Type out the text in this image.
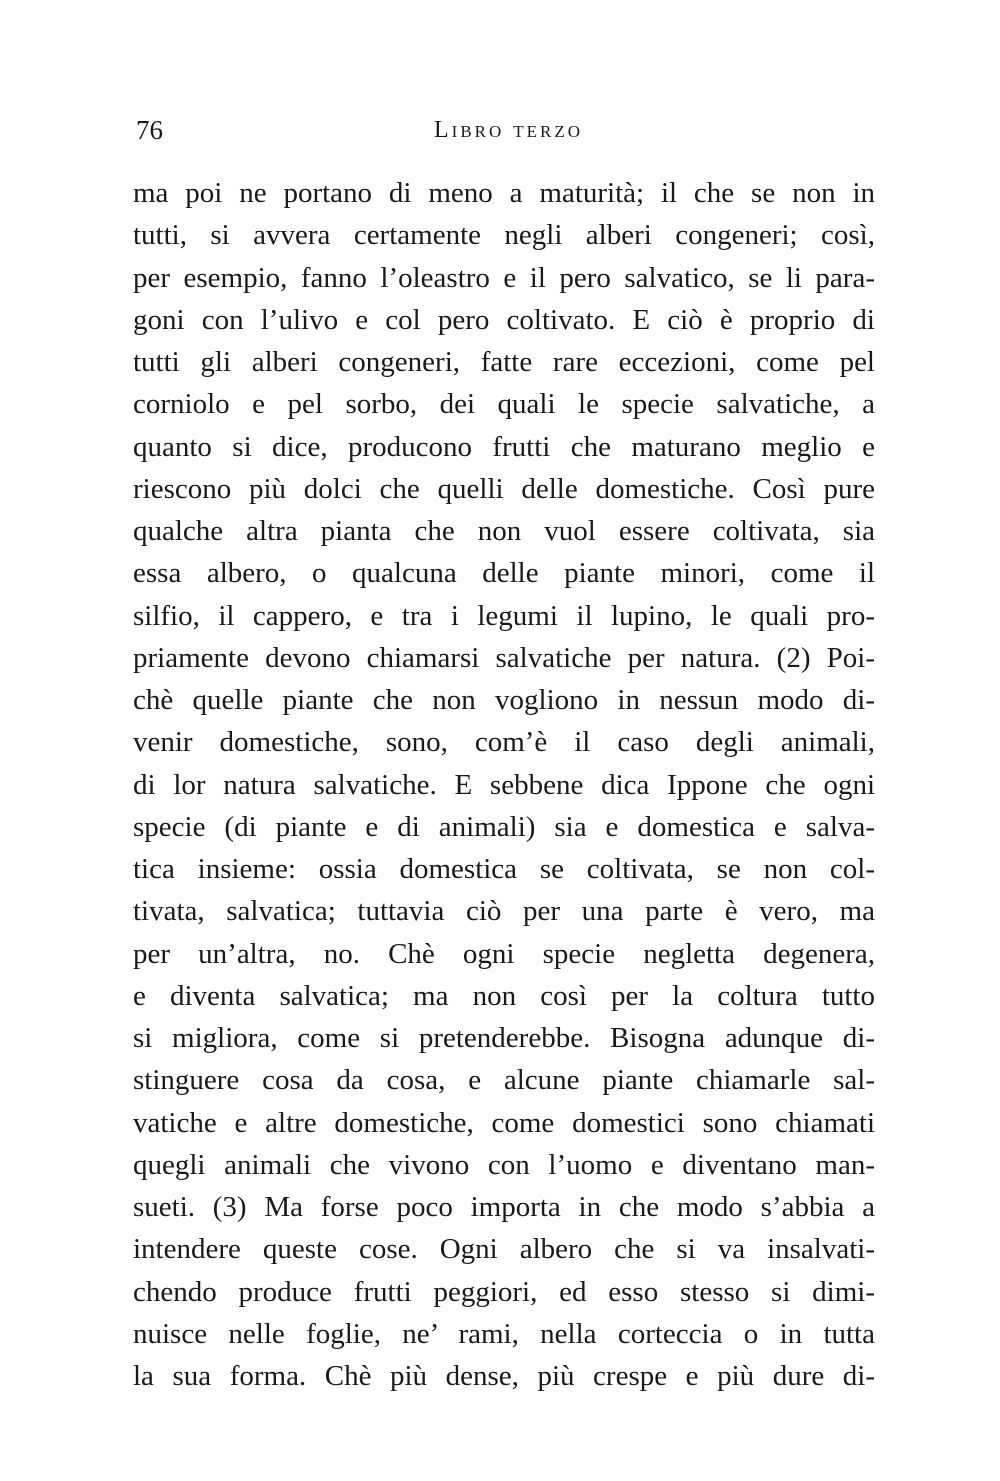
76	Libro terzo
ma poi ne portano di meno a maturità; il che se non in
tutti, si avvera certamente negli alberi congeneri; così,
per esempio, fanno l’oleastro e il pero salvatico, se li para-
goni con l’ulivo e col pero coltivato. E ciò è proprio di
tutti gli alberi congeneri, fatte rare eccezioni, come pel
corniolo e pel sorbo, dei quali le specie salvatiche, a
quanto si dice, producono frutti che maturano meglio e
riescono più dolci che quelli delle domestiche. Così pure
qualche altra pianta che non vuol essere coltivata, sia
essa albero, o qualcuna delle piante minori, come il
silfio, il cappero, e tra i legumi il lupino, le quali pro-
priamente devono chiamarsi salvatiche per natura. (2) Poi-
chè quelle piante che non vogliono in nessun modo di-
venir domestiche, sono, com’è il caso degli animali,
di lor natura salvatiche. E sebbene dica Ippone che ogni
specie (di piante e di animali) sia e domestica e salva-
tica insieme: ossia domestica se coltivata, se non col-
tivata, salvatica; tuttavia ciò per una parte è vero, ma
per un’altra, no. Chè ogni specie negletta degenera,
e diventa salvatica; ma non così per la coltura tutto
si migliora, come si pretenderebbe. Bisogna adunque di-
stinguere cosa da cosa, e alcune piante chiamarle sal-
vatiche e altre domestiche, come domestici sono chiamati
quegli animali che vivono con l’uomo e diventano man-
sueti. (3) Ma forse poco importa in che modo s’abbia a
intendere queste cose. Ogni albero che si va insalvati-
chendo produce frutti peggiori, ed esso stesso si dimi-
nuisce nelle foglie, ne’ rami, nella corteccia o in tutta
la sua forma. Chè più dense, più crespe e più dure di-
